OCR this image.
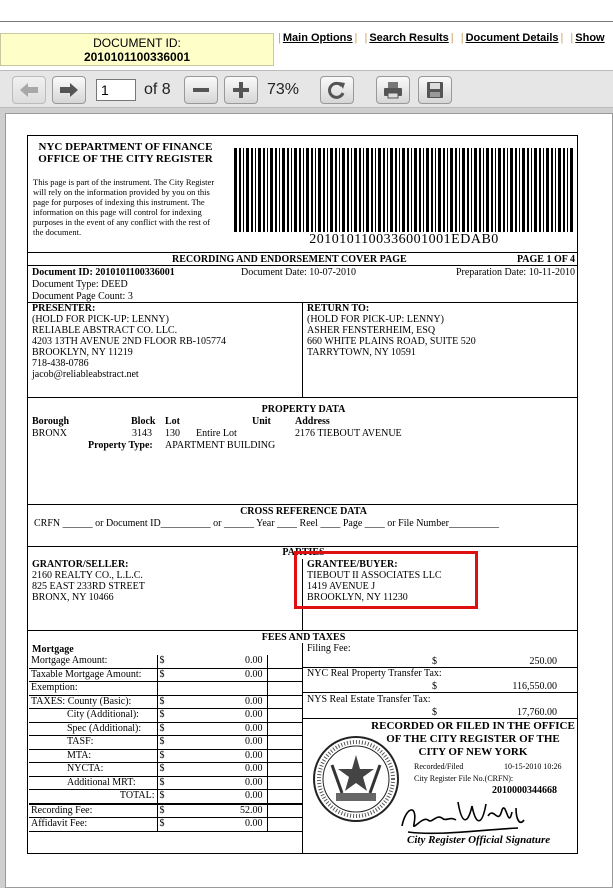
DOCUMENT ID:
2010101100336001
| Main Options | | Search Results | | Document Details | | Show
1
of 8	73%
NYC DEPARTMENT OF FINANCE
OFFICE OF THE CITY REGISTER
This page is part of the instrument. The City Register will rely on the information provided by you on this page for purposes of indexing this instrument. The information on this page will control for indexing purposes in the event of any conflict with the rest of the document.	2010101100336001001EDAB0
RECORDING AND ENDORSEMENT COVER PAGE	PAGE 1 OF 4
Document ID: 2010101100336001	Document Date: 10-07-2010	Preparation Date: 10-11-2010
Document Type: DEED
Document Page Count: 3
PRESENTER:
(HOLD FOR PICK-UP: LENNY)
RELIABLE ABSTRACT CO. LLC.
4203 13TH AVENUE 2ND FLOOR RB-105774
BROOKLYN, NY 11219
718-438-0786
jacob@reliableabstract.net
RETURN TO:
(HOLD FOR PICK-UP: LENNY)
ASHER FENSTERHEIM, ESQ
660 WHITE PLAINS ROAD, SUITE 520
TARRYTOWN, NY 10591
PROPERTY DATA
Borough	Block Lot	Unit Address
BRONX	3143 130 Entire Lot	2176 TIEBOUT AVENUE
Property Type: APARTMENT BUILDING
CROSS REFERENCE DATA
CRFN ______ or Document ID__________ or ______ Year ____ Reel ____ Page ____ or File Number__________
PARTIES
GRANTOR/SELLER:
2160 REALTY CO., L.L.C.
825 EAST 233RD STREET
BRONX, NY 10466
GRANTEE/BUYER:
TIEBOUT II ASSOCIATES LLC
1419 AVENUE J
BROOKLYN, NY 11230
FEES AND TAXES
Mortgage
Mortgage Amount:	$	0.00	
Taxable Mortgage Amount:	$	0.00	
Exemption:			
TAXES: County (Basic):	$	0.00	
City (Additional):	$	0.00	
Spec (Additional):	$	0.00	
TASF:	$	0.00	
MTA:	$	0.00	
NYCTA:	$	0.00	
Additional MRT:	$	0.00	
TOTAL:	$	0.00	
Recording Fee:	$	52.00	
Affidavit Fee:	$	0.00	
Filing Fee:
$	250.00
NYC Real Property Transfer Tax:
$	116,550.00
NYS Real Estate Transfer Tax:
$	17,760.00
RECORDED OR FILED IN THE OFFICE
OF THE CITY REGISTER OF THE
CITY OF NEW YORK
Recorded/Filed	10-15-2010 10:26
City Register File No.(CRFN):
2010000344668
City Register Official Signature
